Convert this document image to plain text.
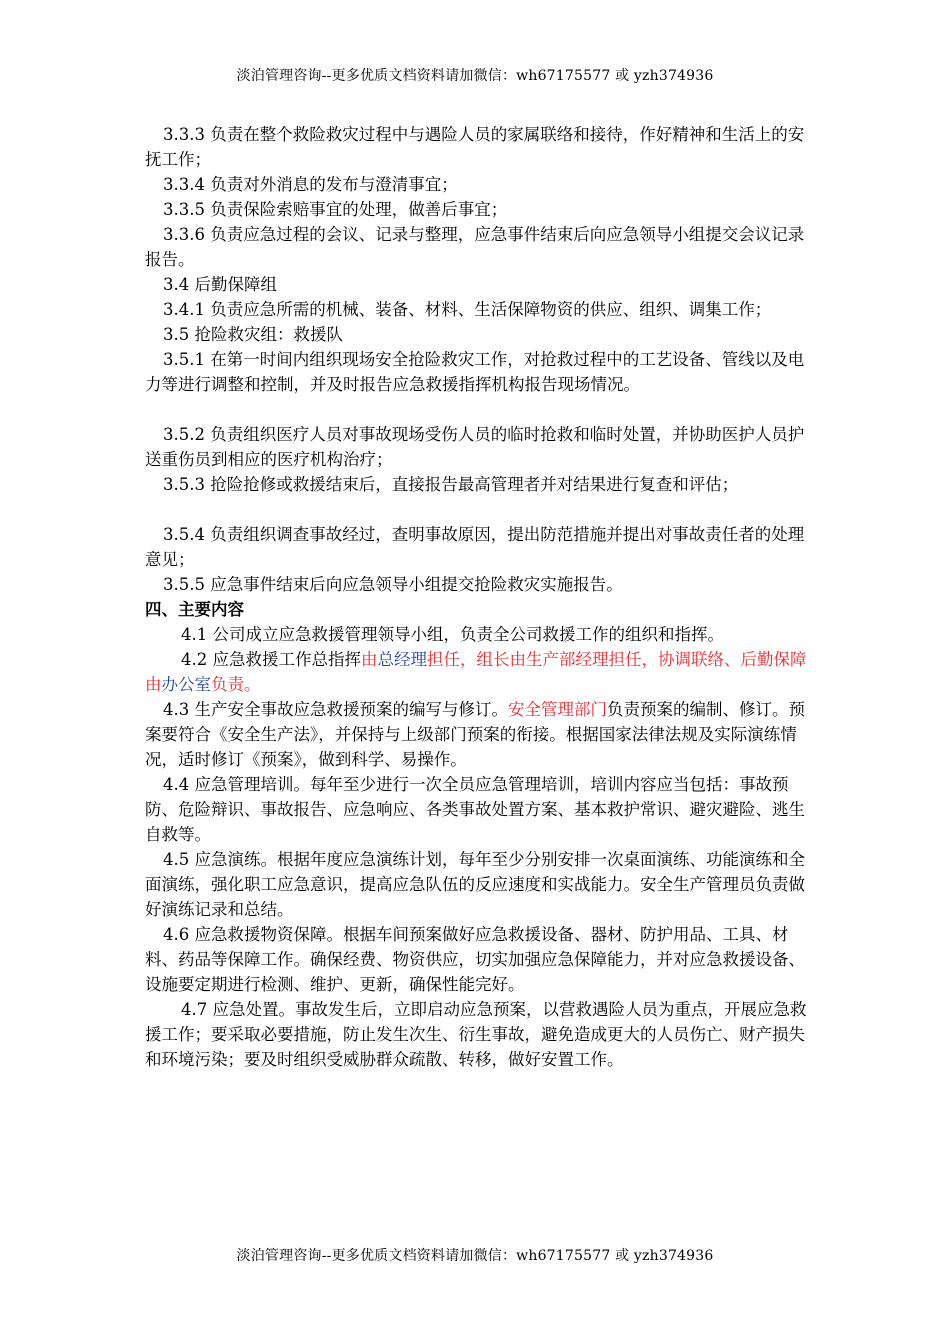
淡泊管理咨询--更多优质文档资料请加微信：wh67175577 或 yzh374936

3.3.3 负责在整个救险救灾过程中与遇险人员的家属联络和接待，作好精神和生活上的安抚工作；

3.3.4 负责对外消息的发布与澄清事宜；

3.3.5 负责保险索赔事宜的处理，做善后事宜；

3.3.6 负责应急过程的会议、记录与整理，应急事件结束后向应急领导小组提交会议记录报告。

3.4 后勤保障组

3.4.1 负责应急所需的机械、装备、材料、生活保障物资的供应、组织、调集工作；

3.5 抢险救灾组：救援队

3.5.1 在第一时间内组织现场安全抢险救灾工作，对抢救过程中的工艺设备、管线以及电力等进行调整和控制，并及时报告应急救援指挥机构报告现场情况。

3.5.2 负责组织医疗人员对事故现场受伤人员的临时抢救和临时处置，并协助医护人员护送重伤员到相应的医疗机构治疗；

3.5.3 抢险抢修或救援结束后，直接报告最高管理者并对结果进行复查和评估；

3.5.4 负责组织调查事故经过，查明事故原因，提出防范措施并提出对事故责任者的处理意见；

3.5.5 应急事件结束后向应急领导小组提交抢险救灾实施报告。

四、主要内容

4.1 公司成立应急救援管理领导小组，负责全公司救援工作的组织和指挥。

4.2 应急救援工作总指挥由总经理担任，组长由生产部经理担任，协调联络、后勤保障由办公室负责。

4.3 生产安全事故应急救援预案的编写与修订。安全管理部门负责预案的编制、修订。预案要符合《安全生产法》，并保持与上级部门预案的衔接。根据国家法律法规及实际演练情况，适时修订《预案》，做到科学、易操作。

4.4 应急管理培训。每年至少进行一次全员应急管理培训，培训内容应当包括：事故预防、危险辩识、事故报告、应急响应、各类事故处置方案、基本救护常识、避灾避险、逃生自救等。

4.5 应急演练。根据年度应急演练计划，每年至少分别安排一次桌面演练、功能演练和全面演练，强化职工应急意识，提高应急队伍的反应速度和实战能力。安全生产管理员负责做好演练记录和总结。

4.6 应急救援物资保障。根据车间预案做好应急救援设备、器材、防护用品、工具、材料、药品等保障工作。确保经费、物资供应，切实加强应急保障能力，并对应急救援设备、设施要定期进行检测、维护、更新，确保性能完好。

4.7 应急处置。事故发生后，立即启动应急预案，以营救遇险人员为重点，开展应急救援工作；要采取必要措施，防止发生次生、衍生事故，避免造成更大的人员伤亡、财产损失和环境污染；要及时组织受威胁群众疏散、转移，做好安置工作。

淡泊管理咨询--更多优质文档资料请加微信：wh67175577 或 yzh374936
